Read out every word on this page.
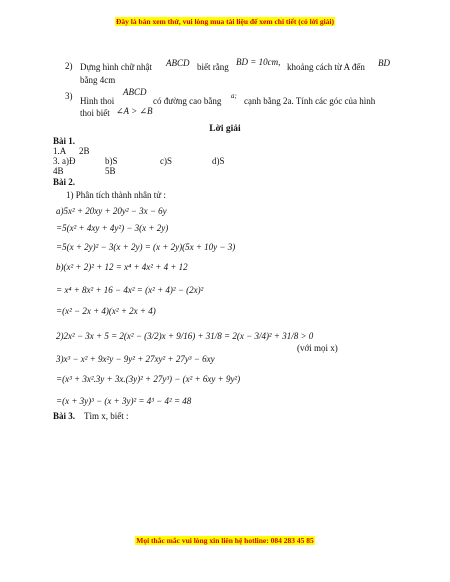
Đây là bản xem thử, vui lòng mua tài liệu để xem chi tiết (có lời giải)
2) Dựng hình chữ nhật ABCD biết rằng BD = 10cm, khoảng cách từ A đến BD
bằng 4cm
3)	ABCD
Hình thoi	có đường cao bằng a; cạnh bằng 2a. Tính các góc của hình
thoi biết ∠A > ∠B
Lời giải
Bài 1.
1.A 2B
3. a)Đ	b)S	c)S	d)S
4B	5B
Bài 2.
1) Phân tích thành nhân tử :
a)5x² + 20xy + 20y² − 3x − 6y
=5(x² + 4xy + 4y²) − 3(x + 2y)
=5(x + 2y)² − 3(x + 2y) = (x + 2y)(5x + 10y − 3)
b)(x² + 2)² + 12 = x⁴ + 4x² + 4 + 12
= x⁴ + 8x² + 16 − 4x² = (x² + 4)² − (2x)²
=(x² − 2x + 4)(x² + 2x + 4)
2)2x² − 3x + 5 = 2(x² − (3/2)x + 9/16) + 31/8 = 2(x − 3/4)² + 31/8 > 0
(với mọi x)
3)x³ − x² + 9x²y − 9y² + 27xy² + 27y³ − 6xy
=(x³ + 3x².3y + 3x.(3y)² + 27y³) − (x² + 6xy + 9y²)
=(x + 3y)³ − (x + 3y)² = 4³ − 4² = 48
Bài 3. Tìm x, biết :
Mọi thắc mắc vui lòng xin liên hệ hotline: 084 283 45 85
